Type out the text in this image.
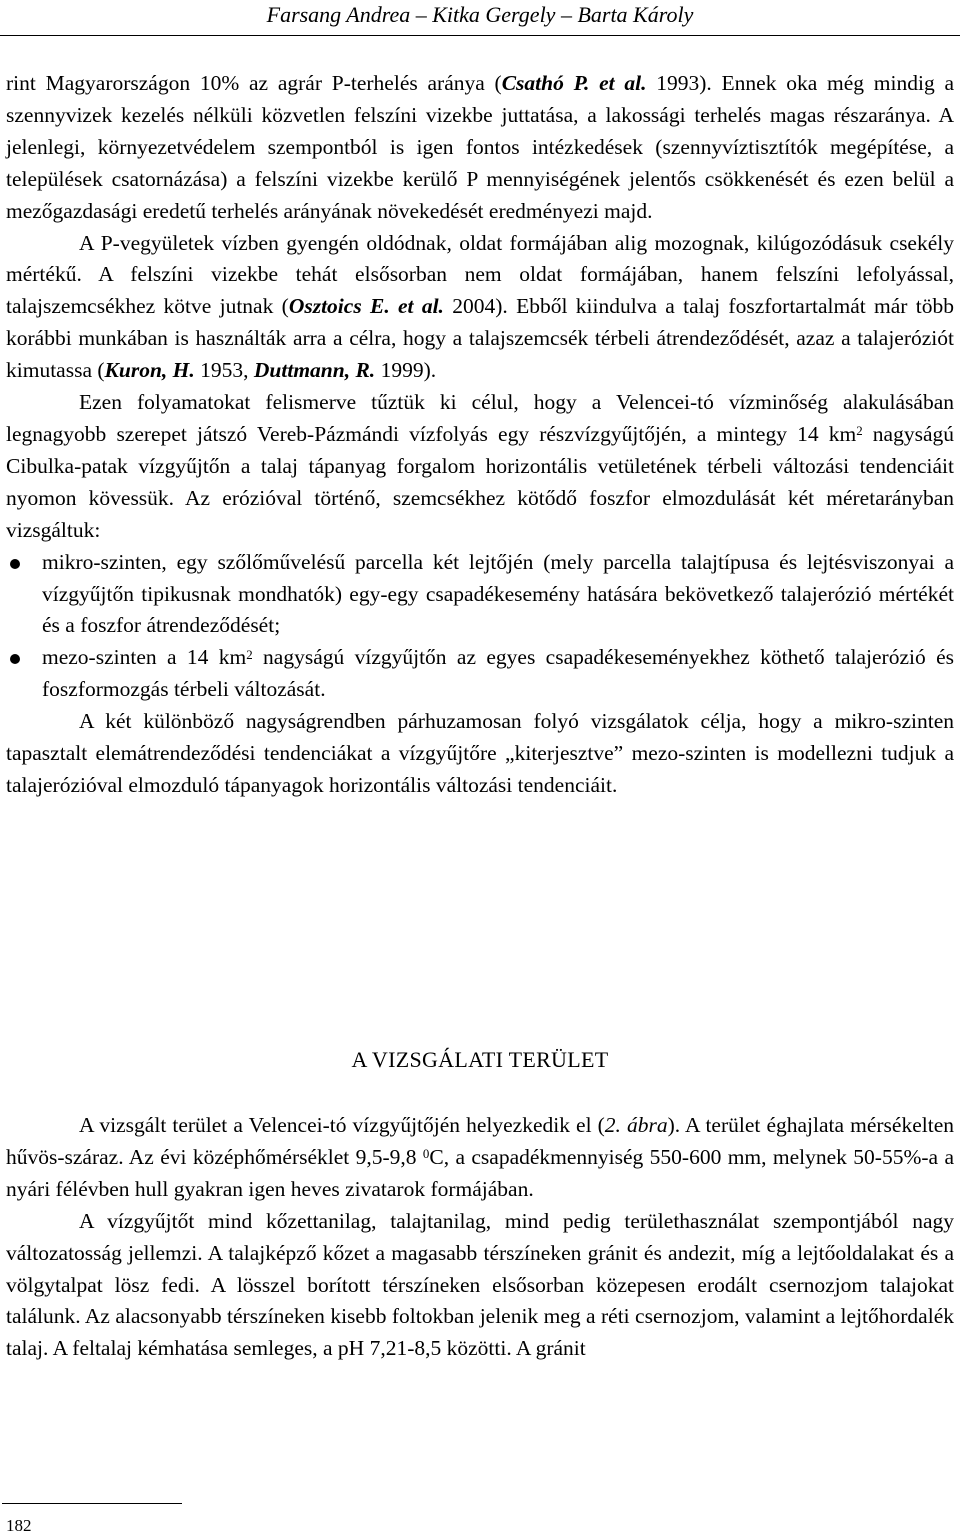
Farsang Andrea – Kitka Gergely – Barta Károly

rint Magyarországon 10% az agrár P-terhelés aránya (Csathó P. et al. 1993). Ennek oka még mindig a szennyvizek kezelés nélküli közvetlen felszíni vizekbe juttatása, a lakossági terhelés magas részaránya. A jelenlegi, környezetvédelem szempontból is igen fontos intézkedések (szennyvíztisztítók megépítése, a települések csatornázása) a felszíni vizekbe kerülő P mennyiségének jelentős csökkenését és ezen belül a mezőgazdasági eredetű terhelés arányának növekedését eredményezi majd.

A P-vegyületek vízben gyengén oldódnak, oldat formájában alig mozognak, kilúgozódásuk csekély mértékű. A felszíni vizekbe tehát elsősorban nem oldat formájában, hanem felszíni lefolyással, talajszemcsékhez kötve jutnak (Osztoics E. et al. 2004). Ebből kiindulva a talaj foszfortartalmát már több korábbi munkában is használták arra a célra, hogy a talajszemcsék térbeli átrendeződését, azaz a talajeróziót kimutassa (Kuron, H. 1953, Duttmann, R. 1999).

Ezen folyamatokat felismerve tűztük ki célul, hogy a Velencei-tó vízminőség alakulásában legnagyobb szerepet játszó Vereb-Pázmándi vízfolyás egy részvízgyűjtőjén, a mintegy 14 $km^2$ nagyságú Cibulka-patak vízgyűjtőn a talaj tápanyag forgalom horizontális vetületének térbeli változási tendenciáit nyomon kövessük. Az erózióval történő, szemcsékhez kötődő foszfor elmozdulását két méretarányban vizsgáltuk:

mikro-szinten, egy szőlőművelésű parcella két lejtőjén (mely parcella talajtípusa és lejtésviszonyai a vízgyűjtőn tipikusnak mondhatók) egy-egy csapadékesemény hatására bekövetkező talajerózió mértékét és a foszfor átrendeződését;
mezo-szinten a 14 $km^2$ nagyságú vízgyűjtőn az egyes csapadékeseményekhez köthető talajerózió és foszformozgás térbeli változását.

A két különböző nagyságrendben párhuzamosan folyó vizsgálatok célja, hogy a mikro-szinten tapasztalt elemátrendeződési tendenciákat a vízgyűjtőre „kiterjesztve” mezo-szinten is modellezni tudjuk a talajerózióval elmozduló tápanyagok horizontális változási tendenciáit.

A VIZSGÁLATI TERÜLET

A vizsgált terület a Velencei-tó vízgyűjtőjén helyezkedik el (2. ábra). A terület éghajlata mérsékelten hűvös-száraz. Az évi középhőmérséklet 9,5-9,8 $^0$C, a csapadékmennyiség 550-600 mm, melynek 50-55%-a a nyári félévben hull gyakran igen heves zivatarok formájában.

A vízgyűjtőt mind kőzettanilag, talajtanilag, mind pedig területhasználat szempontjából nagy változatosság jellemzi. A talajképző kőzet a magasabb térszíneken gránit és andezit, míg a lejtőoldalakat és a völgytalpat lösz fedi. A lösszel borított térszíneken elsősorban közepesen erodált csernozjom talajokat találunk. Az alacsonyabb térszíneken kisebb foltokban jelenik meg a réti csernozjom, valamint a lejtőhordalék talaj. A feltalaj kémhatása semleges, a pH 7,21-8,5 közötti. A gránit

182
